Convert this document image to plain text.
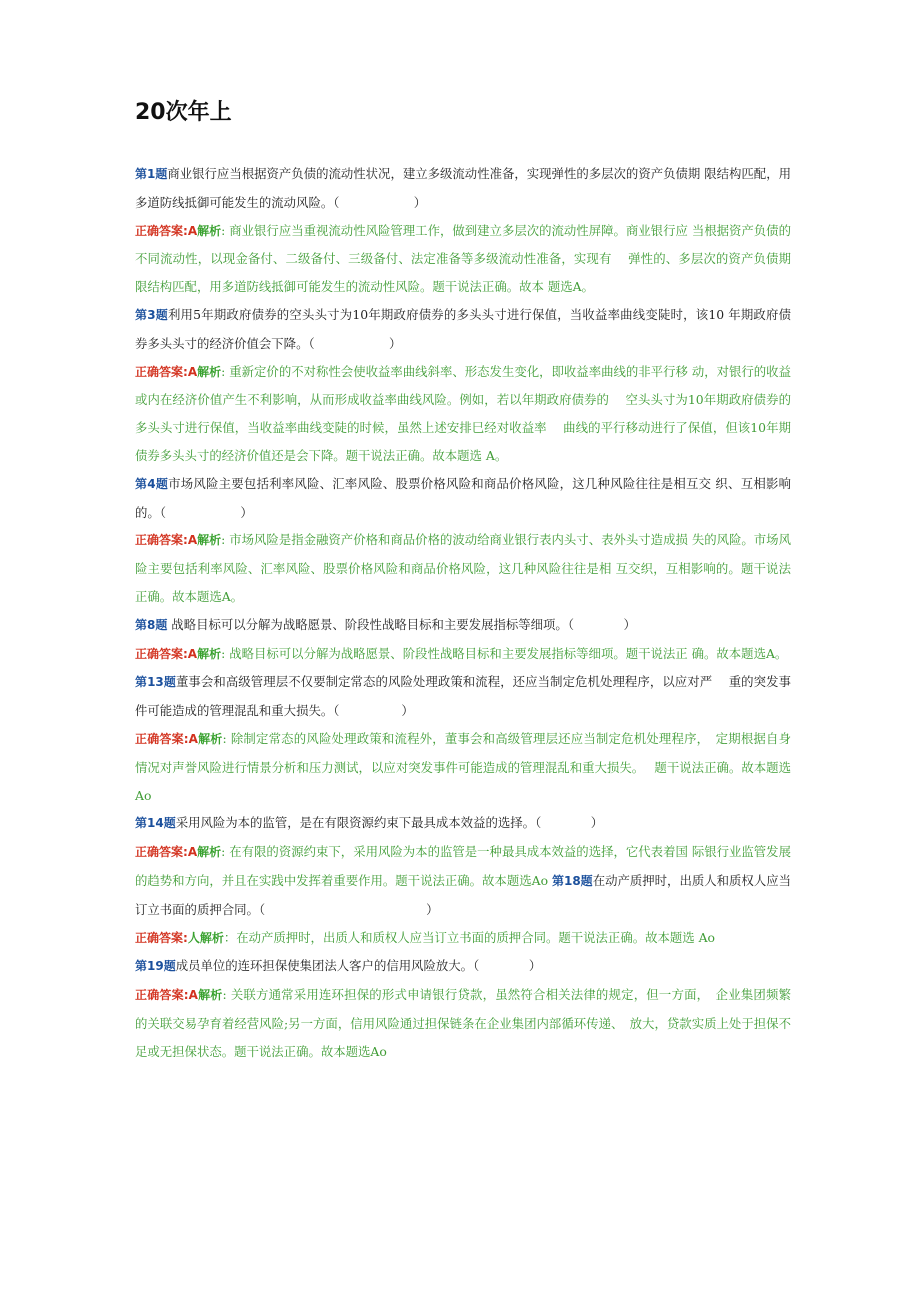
20次年上

第1题商业银行应当根据资产负债的流动性状况，建立多级流动性准备，实现弹性的多层次的资产负债期 限结构匹配，用多道防线抵御可能发生的流动风险。（　　　　　　）

正确答案:A解析: 商业银行应当重视流动性风险管理工作，做到建立多层次的流动性屏障。商业银行应 当根据资产负债的不同流动性，以现金备付、二级备付、三级备付、法定准备等多级流动性准备，实现有　 弹性的、多层次的资产负债期限结构匹配，用多道防线抵御可能发生的流动性风险。题干说法正确。故本 题选A。

第3题利用5年期政府债券的空头头寸为10年期政府债券的多头头寸进行保值，当收益率曲线变陡时，该10 年期政府债券多头头寸的经济价值会下降。（　　　　　　）

正确答案:A解析: 重新定价的不对称性会使收益率曲线斜率、形态发生变化，即收益率曲线的非平行移 动，对银行的收益或内在经济价值产生不利影响，从而形成收益率曲线风险。例如，若以年期政府债券的　 空头头寸为10年期政府债券的多头头寸进行保值，当收益率曲线变陡的时候，虽然上述安排巳经对收益率　 曲线的平行移动进行了保值，但该10年期债券多头头寸的经济价值还是会下降。题干说法正确。故本题选 A。

第4题市场风险主要包括利率风险、汇率风险、股票价格风险和商品价格风险，这几种风险往往是相互交 织、互相影响的。（　　　　　　）

正确答案:A解析: 市场风险是指金融资产价格和商品价格的波动给商业银行表内头寸、表外头寸造成损 失的风险。市场风险主要包括利率风险、汇率风险、股票价格风险和商品价格风险，这几种风险往往是相 互交织，互相影响的。题干说法正确。故本题选A。

第8题 战略目标可以分解为战略愿景、阶段性战略目标和主要发展指标等细项。（　　　　）

正确答案:A解析: 战略目标可以分解为战略愿景、阶段性战略目标和主要发展指标等细项。题干说法正 确。故本题选A。

第13题董事会和高级管理层不仅要制定常态的风险处理政策和流程，还应当制定危机处理程序，以应对严　 重的突发事件可能造成的管理混乱和重大损失。（　　　　　）

正确答案:A解析: 除制定常态的风险处理政策和流程外，董事会和高级管理层还应当制定危机处理程序，　定期根据自身情况对声誉风险进行情景分析和压力测试，以应对突发事件可能造成的管理混乱和重大损失。　 题干说法正确。故本题选Ao

第14题采用风险为本的监管，是在有限资源约束下最具成本效益的选择。（　　　　）

正确答案:A解析: 在有限的资源约束下，采用风险为本的监管是一种最具成本效益的选择，它代表着国 际银行业监管发展的趋势和方向，并且在实践中发挥着重要作用。题干说法正确。故本题选Ao 第18题在动产质押时，出质人和质权人应当订立书面的质押合同。（　　　　　　　　　　　　　）

正确答案:人解析：在动产质押时，出质人和质权人应当订立书面的质押合同。题干说法正确。故本题选 Ao

第19题成员单位的连环担保使集团法人客户的信用风险放大。（　　　　）

正确答案:A解析: 关联方通常采用连环担保的形式申请银行贷款，虽然符合相关法律的规定，但一方面，　企业集团频繁的关联交易孕育着经营风险;另一方面，信用风险通过担保链条在企业集团内部循环传递、　放大，贷款实质上处于担保不足或无担保状态。题干说法正确。故本题选Ao
